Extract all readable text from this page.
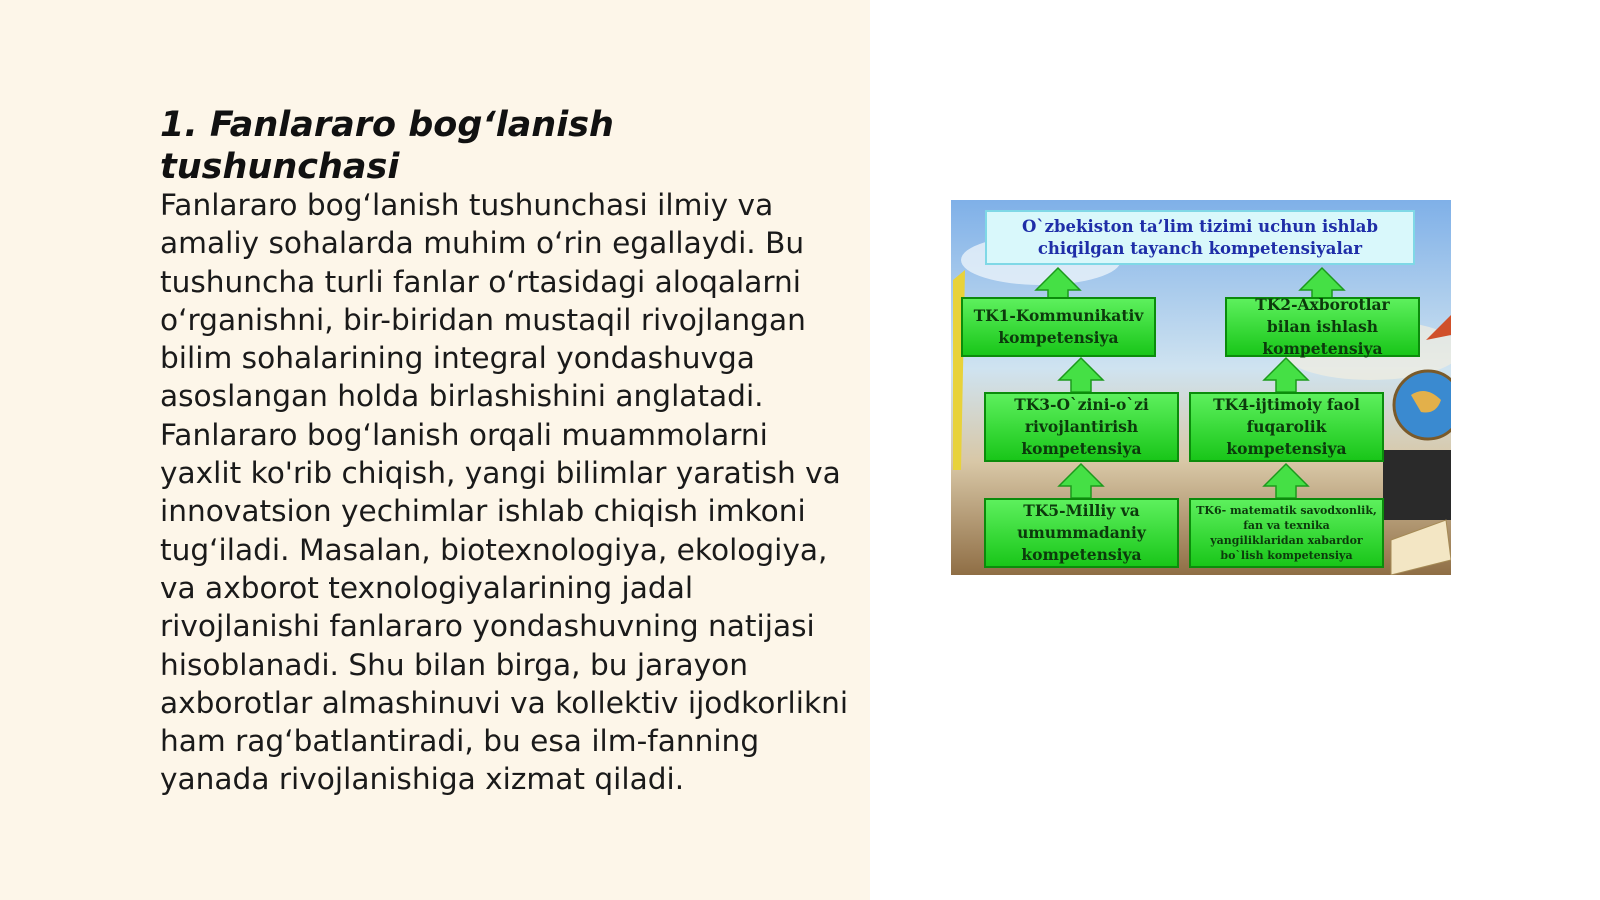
1. Fanlararo bog‘lanish tushunchasi

Fanlararo bog‘lanish tushunchasi ilmiy va amaliy sohalarda muhim o‘rin egallaydi. Bu tushuncha turli fanlar o‘rtasidagi aloqalarni o‘rganishni, bir-biridan mustaqil rivojlangan bilim sohalarining integral yondashuvga asoslangan holda birlashishini anglatadi. Fanlararo bog‘lanish orqali muammolarni yaxlit ko'rib chiqish, yangi bilimlar yaratish va innovatsion yechimlar ishlab chiqish imkoni tug‘iladi. Masalan, biotexnologiya, ekologiya, va axborot texnologiyalarining jadal rivojlanishi fanlararo yondashuvning natijasi hisoblanadi. Shu bilan birga, bu jarayon axborotlar almashinuvi va kollektiv ijodkorlikni ham rag‘batlantiradi, bu esa ilm-fanning yanada rivojlanishiga xizmat qiladi.

O`zbekiston ta’lim tizimi uchun ishlab chiqilgan tayanch kompetensiyalar
TK1-Kommunikativ kompetensiya
TK2-Axborotlar bilan ishlash kompetensiya
TK3-O`zini-o`zi rivojlantirish kompetensiya
TK4-ijtimoiy faol fuqarolik kompetensiya
TK5-Milliy va umummadaniy kompetensiya
TK6- matematik savodxonlik, fan va texnika yangiliklaridan xabardor bo`lish kompetensiya
